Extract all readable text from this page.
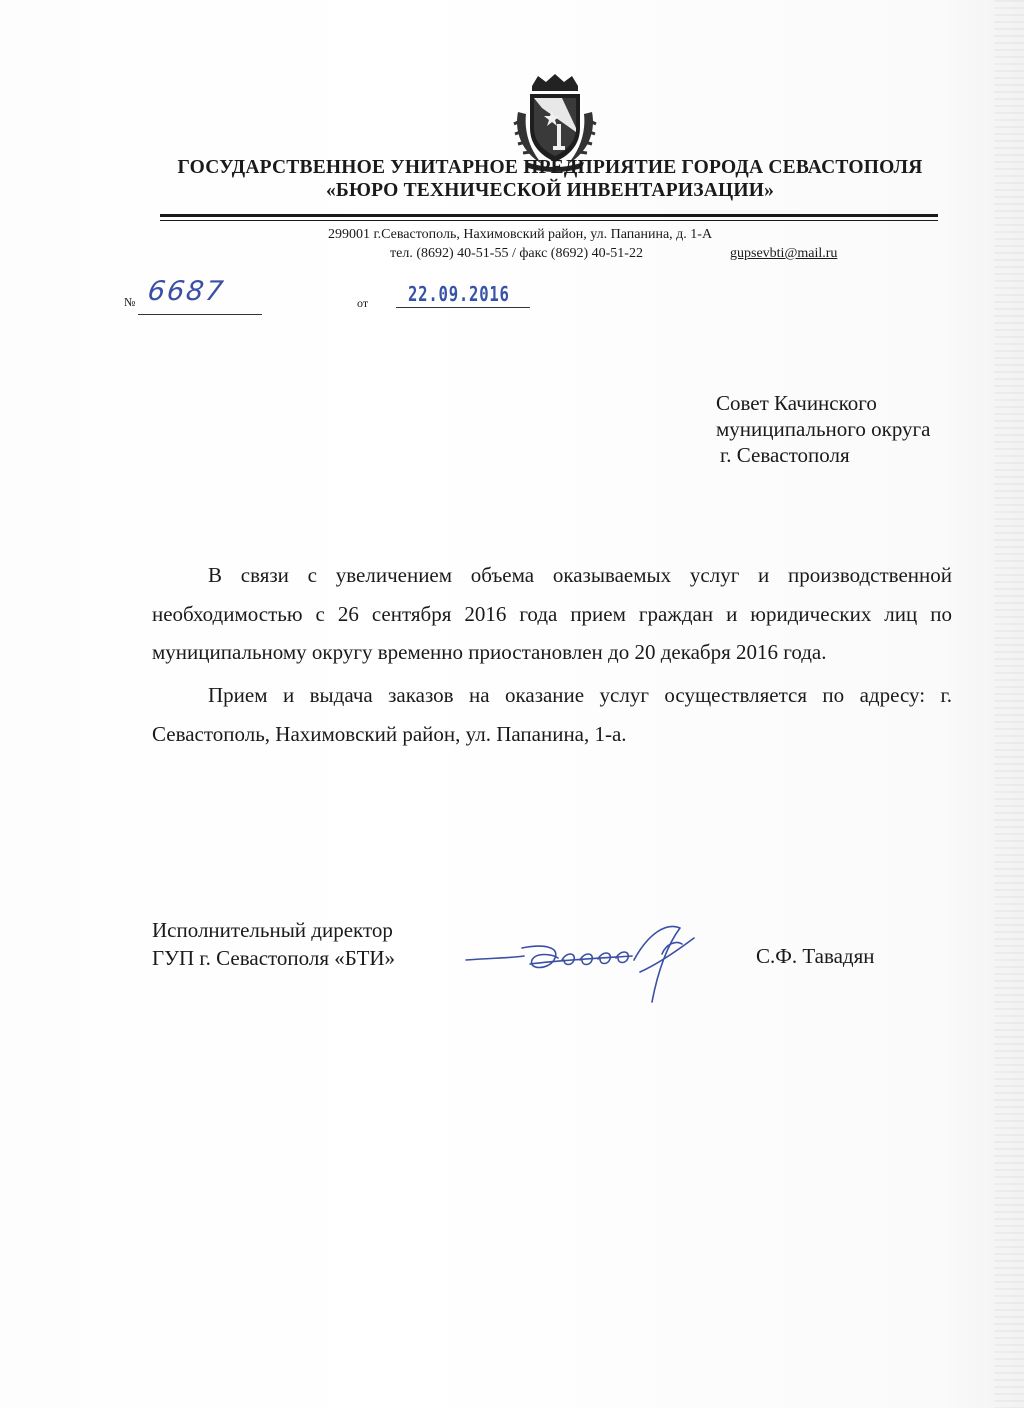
ГОСУДАРСТВЕННОЕ УНИТАРНОЕ ПРЕДПРИЯТИЕ ГОРОДА СЕВАСТОПОЛЯ
«БЮРО ТЕХНИЧЕСКОЙ ИНВЕНТАРИЗАЦИИ»
299001 г.Севастополь, Нахимовский район, ул. Папанина, д. 1-А
тел. (8692) 40-51-55 / факс (8692) 40-51-22	gupsevbti@mail.ru
№ 6687	от 22.09.2016
Совет Качинского
муниципального округа
г. Севастополя
В связи с увеличением объема оказываемых услуг и производственной необходимостью с 26 сентября 2016 года прием граждан и юридических лиц по муниципальному округу временно приостановлен до 20 декабря 2016 года.
Прием и выдача заказов на оказание услуг осуществляется по адресу: г. Севастополь, Нахимовский район, ул. Папанина, 1-а.
Исполнительный директор
ГУП г. Севастополя «БТИ»	С.Ф. Тавадян
